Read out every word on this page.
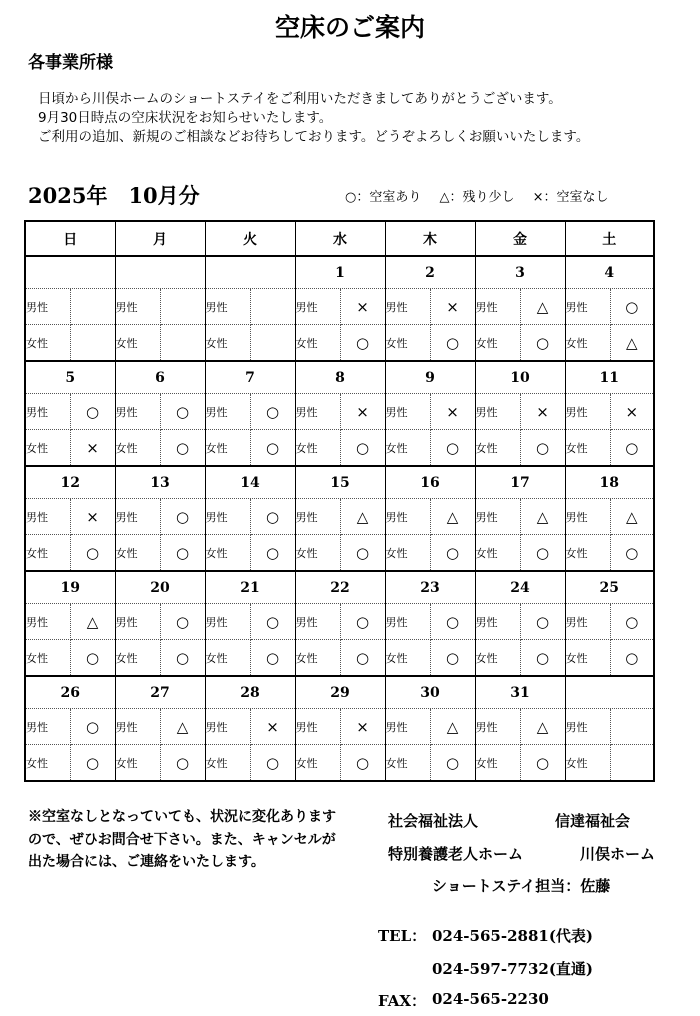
空床のご案内
各事業所様
日頃から川俣ホームのショートステイをご利用いただきましてありがとうございます。
9月30日時点の空床状況をお知らせいたします。
ご利用の追加、新規のご相談などお待ちしております。どうぞよろしくお願いいたします。
2025年　10月分	○：空室あり △：残り少し ×：空室なし
日		月		火		水		木		金		土	
						1		2		3		4	
男性		男性		男性		男性	×	男性	×	男性	△	男性	○
女性		女性		女性		女性	○	女性	○	女性	○	女性	△
5		6		7		8		9		10		11	
男性	○	男性	○	男性	○	男性	×	男性	×	男性	×	男性	×
女性	×	女性	○	女性	○	女性	○	女性	○	女性	○	女性	○
12		13		14		15		16		17		18	
男性	×	男性	○	男性	○	男性	△	男性	△	男性	△	男性	△
女性	○	女性	○	女性	○	女性	○	女性	○	女性	○	女性	○
19		20		21		22		23		24		25	
男性	△	男性	○	男性	○	男性	○	男性	○	男性	○	男性	○
女性	○	女性	○	女性	○	女性	○	女性	○	女性	○	女性	○
26		27		28		29		30		31			
男性	○	男性	△	男性	×	男性	×	男性	△	男性	△	男性	
女性	○	女性	○	女性	○	女性	○	女性	○	女性	○	女性	
※空室なしとなっていても、状況に変化ありますので、ぜひお問合せ下さい。また、キャンセルが出た場合には、ご連絡をいたします。
社会福祉法人	信達福祉会
特別養護老人ホーム	川俣ホーム
ショートステイ担当：佐藤
TEL： 024-565-2881(代表)
024-597-7732(直通)
FAX： 024-565-2230
